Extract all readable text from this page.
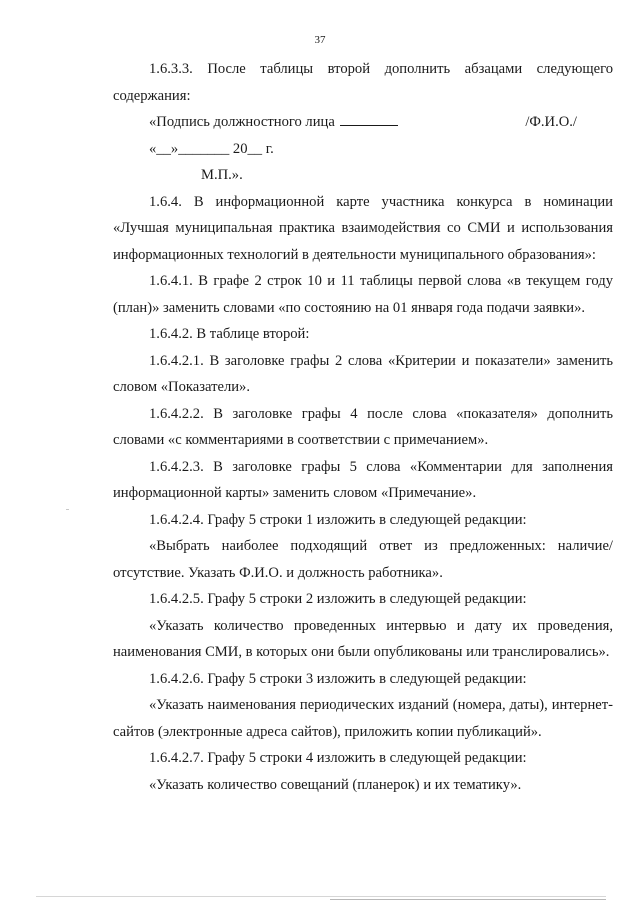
37

1.6.3.3. После таблицы второй дополнить абзацами следующего содержания:

«Подпись должностного лица	/Ф.И.О./
«__»_______ 20__ г.
М.П.».

1.6.4. В информационной карте участника конкурса в номинации «Лучшая муниципальная практика взаимодействия со СМИ и использования информационных технологий в деятельности муниципального образования»:

1.6.4.1. В графе 2 строк 10 и 11 таблицы первой слова «в текущем году (план)» заменить словами «по состоянию на 01 января года подачи заявки».

1.6.4.2. В таблице второй:

1.6.4.2.1. В заголовке графы 2 слова «Критерии и показатели» заменить словом «Показатели».

1.6.4.2.2. В заголовке графы 4 после слова «показателя» дополнить словами «с комментариями в соответствии с примечанием».

1.6.4.2.3. В заголовке графы 5 слова «Комментарии для заполнения информационной карты» заменить словом «Примечание».

1.6.4.2.4. Графу 5 строки 1 изложить в следующей редакции:

«Выбрать наиболее подходящий ответ из предложенных: наличие/отсутствие. Указать Ф.И.О. и должность работника».

1.6.4.2.5. Графу 5 строки 2 изложить в следующей редакции:

«Указать количество проведенных интервью и дату их проведения, наименования СМИ, в которых они были опубликованы или транслировались».

1.6.4.2.6. Графу 5 строки 3 изложить в следующей редакции:

«Указать наименования периодических изданий (номера, даты), интернет-сайтов (электронные адреса сайтов), приложить копии публикаций».

1.6.4.2.7. Графу 5 строки 4 изложить в следующей редакции:

«Указать количество совещаний (планерок) и их тематику».
